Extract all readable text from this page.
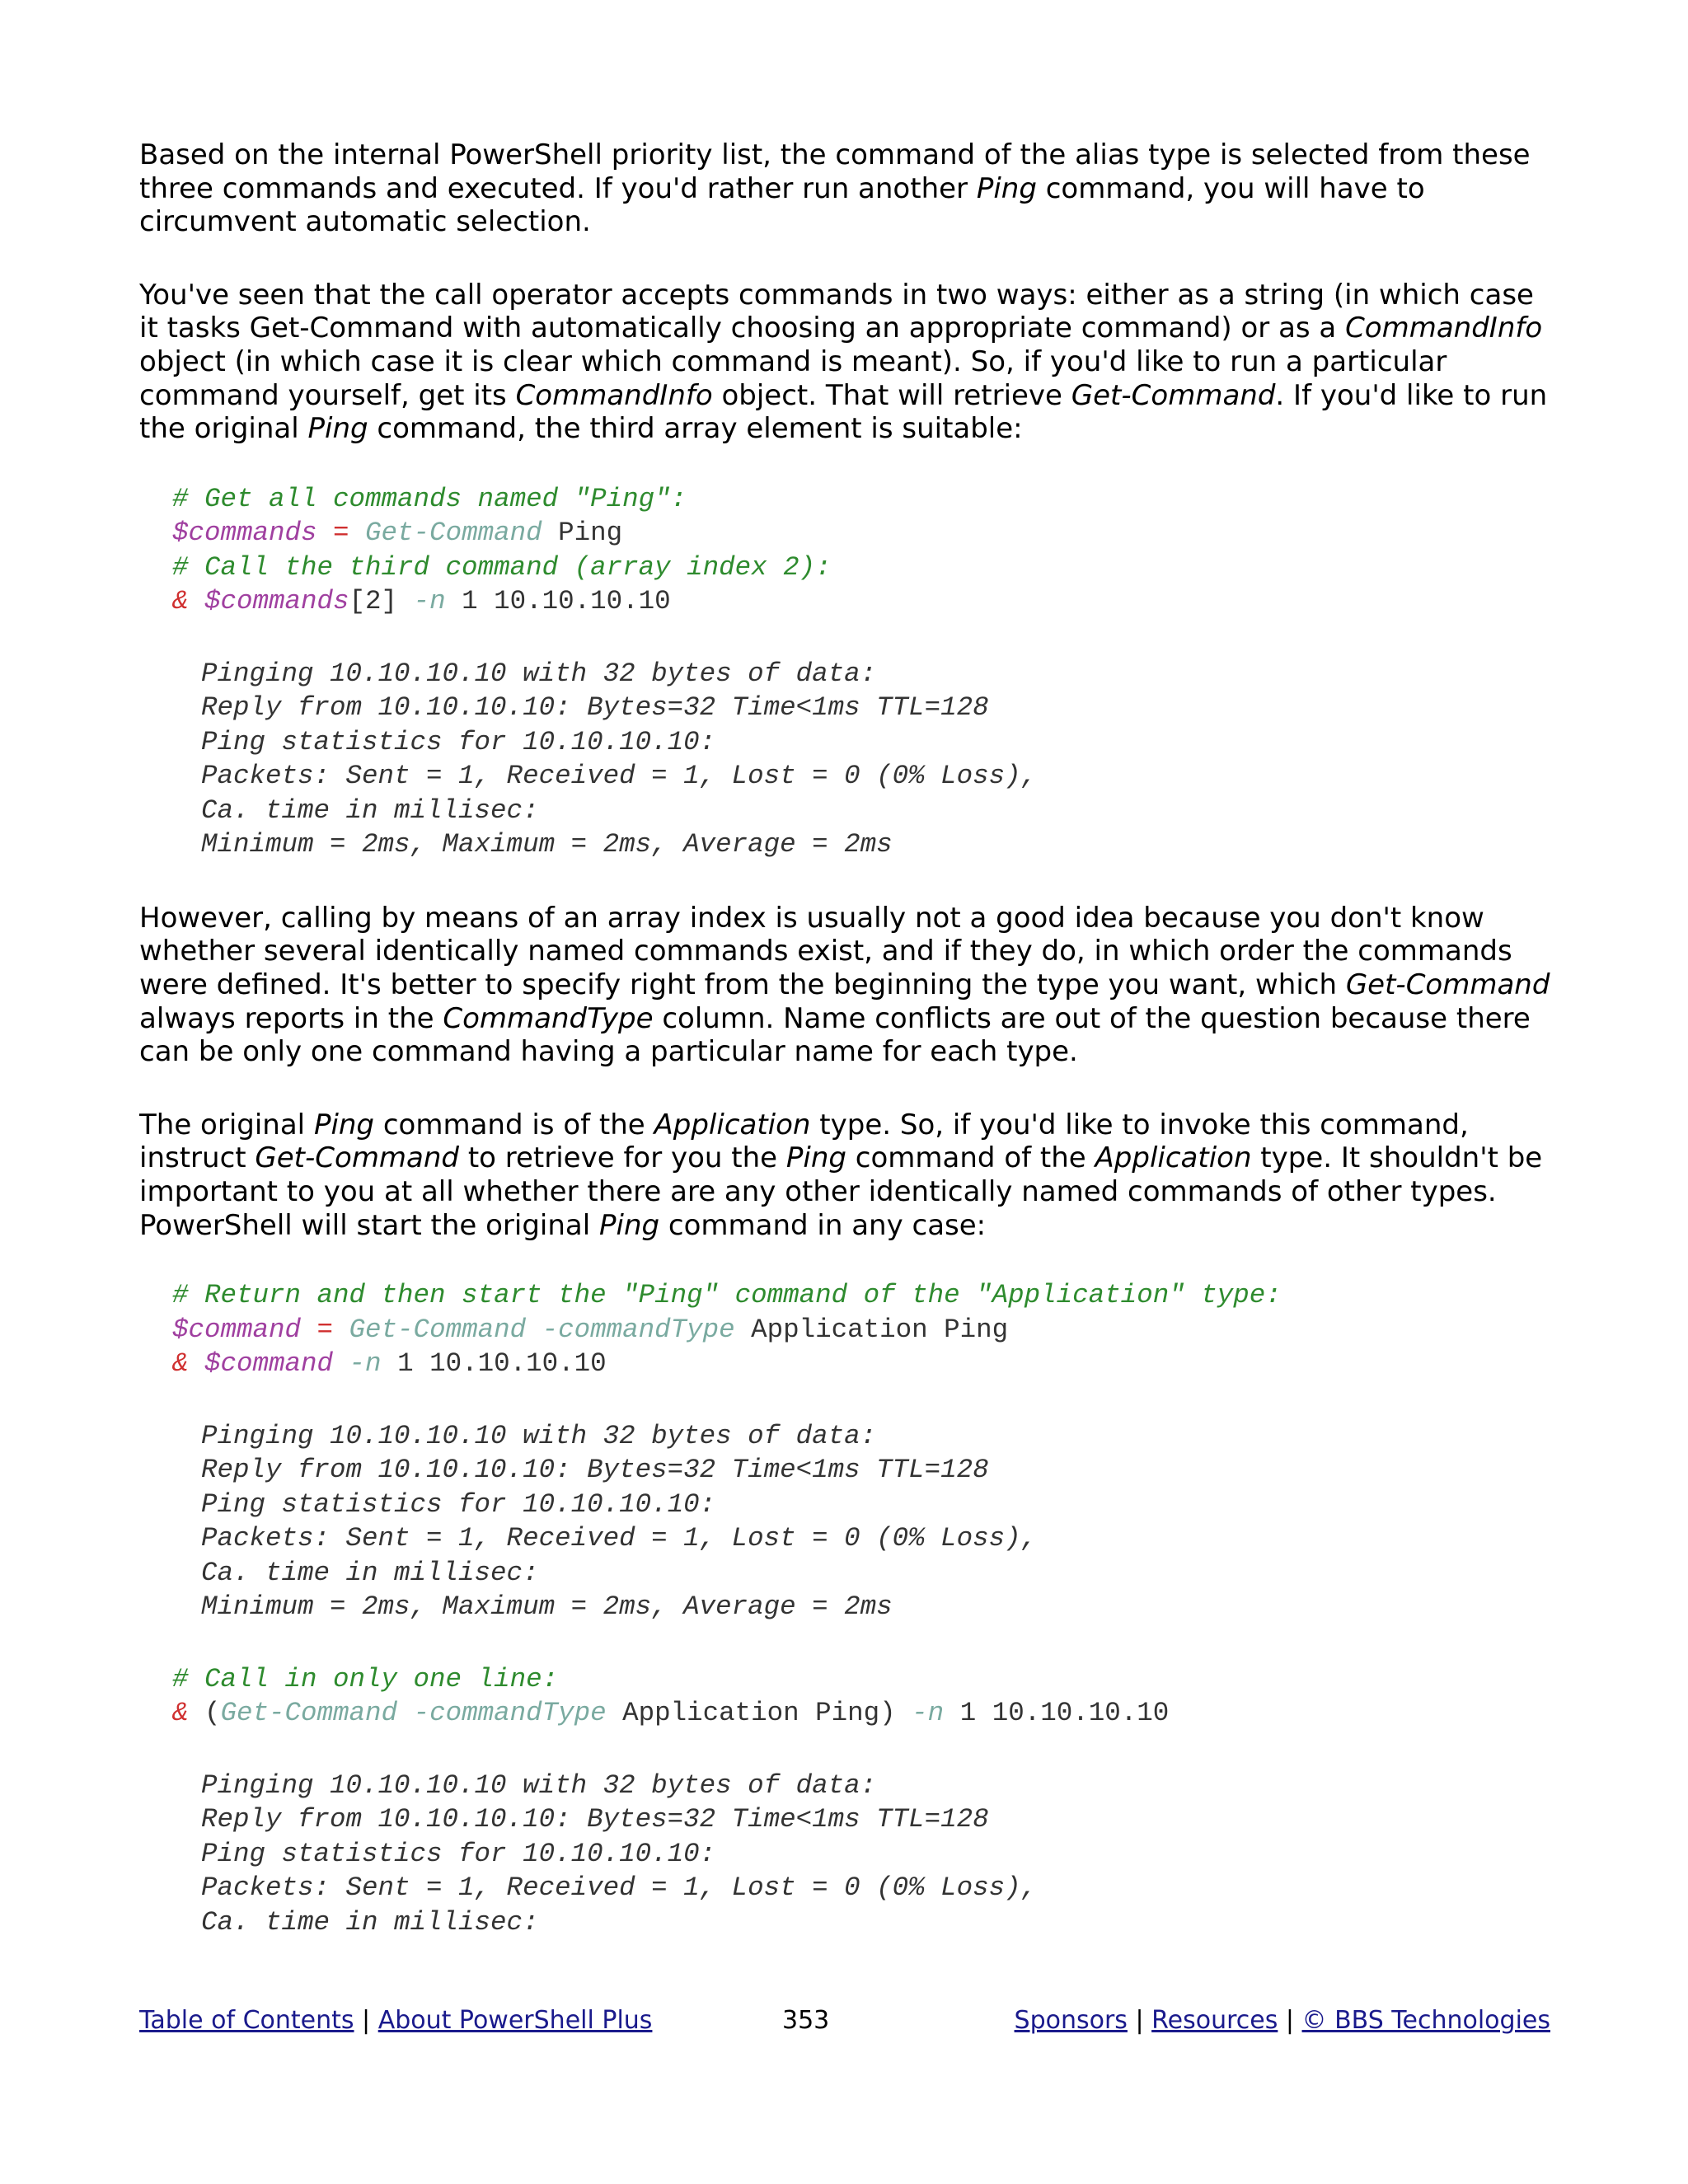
Based on the internal PowerShell priority list, the command of the alias type is selected from these three commands and executed. If you'd rather run another Ping command, you will have to circumvent automatic selection.

You've seen that the call operator accepts commands in two ways: either as a string (in which case it tasks Get-Command with automatically choosing an appropriate command) or as a CommandInfo object (in which case it is clear which command is meant). So, if you'd like to run a particular command yourself, get its CommandInfo object. That will retrieve Get-Command. If you'd like to run the original Ping command, the third array element is suitable:

# Get all commands named "Ping":
$commands = Get-Command Ping
# Call the third command (array index 2):
& $commands[2] -n 1 10.10.10.10
Pinging 10.10.10.10 with 32 bytes of data:
Reply from 10.10.10.10: Bytes=32 Time<1ms TTL=128
Ping statistics for 10.10.10.10:
Packets: Sent = 1, Received = 1, Lost = 0 (0% Loss),
Ca. time in millisec:
Minimum = 2ms, Maximum = 2ms, Average = 2ms

However, calling by means of an array index is usually not a good idea because you don't know whether several identically named commands exist, and if they do, in which order the commands were defined. It's better to specify right from the beginning the type you want, which Get-Command always reports in the CommandType column. Name conflicts are out of the question because there can be only one command having a particular name for each type.

The original Ping command is of the Application type. So, if you'd like to invoke this command, instruct Get-Command to retrieve for you the Ping command of the Application type. It shouldn't be important to you at all whether there are any other identically named commands of other types. PowerShell will start the original Ping command in any case:

# Return and then start the "Ping" command of the "Application" type:
$command = Get-Command -commandType Application Ping
& $command -n 1 10.10.10.10
Pinging 10.10.10.10 with 32 bytes of data:
Reply from 10.10.10.10: Bytes=32 Time<1ms TTL=128
Ping statistics for 10.10.10.10:
Packets: Sent = 1, Received = 1, Lost = 0 (0% Loss),
Ca. time in millisec:
Minimum = 2ms, Maximum = 2ms, Average = 2ms
# Call in only one line:
& (Get-Command -commandType Application Ping) -n 1 10.10.10.10
Pinging 10.10.10.10 with 32 bytes of data:
Reply from 10.10.10.10: Bytes=32 Time<1ms TTL=128
Ping statistics for 10.10.10.10:
Packets: Sent = 1, Received = 1, Lost = 0 (0% Loss),
Ca. time in millisec:
Table of Contents | About PowerShell Plus	353	Sponsors | Resources | © BBS Technologies
